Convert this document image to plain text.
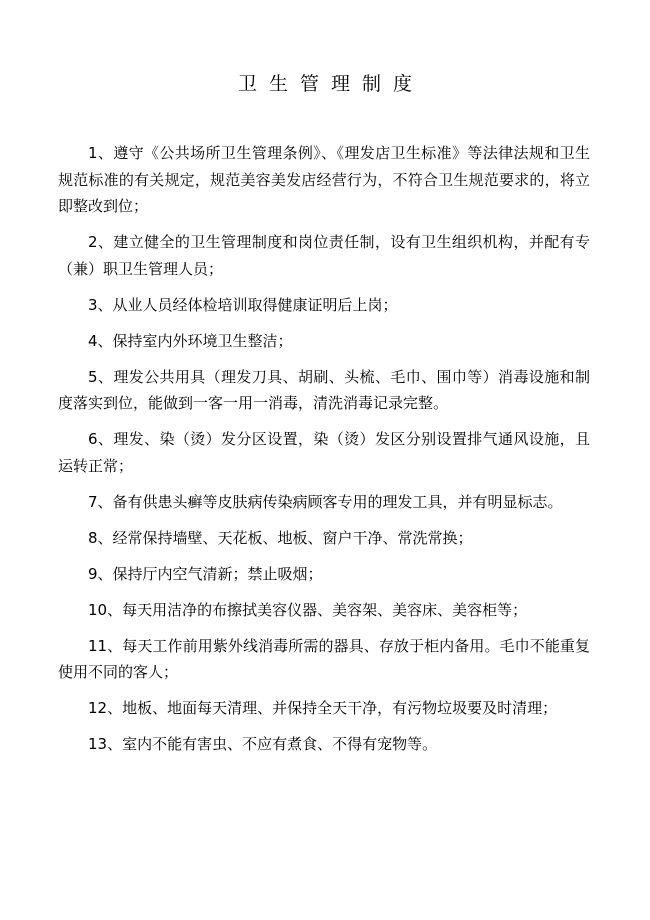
卫生管理制度

1、遵守《公共场所卫生管理条例》、《理发店卫生标准》等法律法规和卫生规范标准的有关规定，规范美容美发店经营行为，不符合卫生规范要求的，将立即整改到位；

2、建立健全的卫生管理制度和岗位责任制，设有卫生组织机构，并配有专（兼）职卫生管理人员；

3、从业人员经体检培训取得健康证明后上岗；

4、保持室内外环境卫生整洁；

5、理发公共用具（理发刀具、胡刷、头梳、毛巾、围巾等）消毒设施和制度落实到位，能做到一客一用一消毒，清洗消毒记录完整。

6、理发、染（烫）发分区设置，染（烫）发区分别设置排气通风设施，且运转正常；

7、备有供患头癣等皮肤病传染病顾客专用的理发工具，并有明显标志。

8、经常保持墙壁、天花板、地板、窗户干净、常洗常换；

9、保持厅内空气清新；禁止吸烟；

10、每天用洁净的布擦拭美容仪器、美容架、美容床、美容柜等；

11、每天工作前用紫外线消毒所需的器具、存放于柜内备用。毛巾不能重复使用不同的客人；

12、地板、地面每天清理、并保持全天干净，有污物垃圾要及时清理；

13、室内不能有害虫、不应有煮食、不得有宠物等。
